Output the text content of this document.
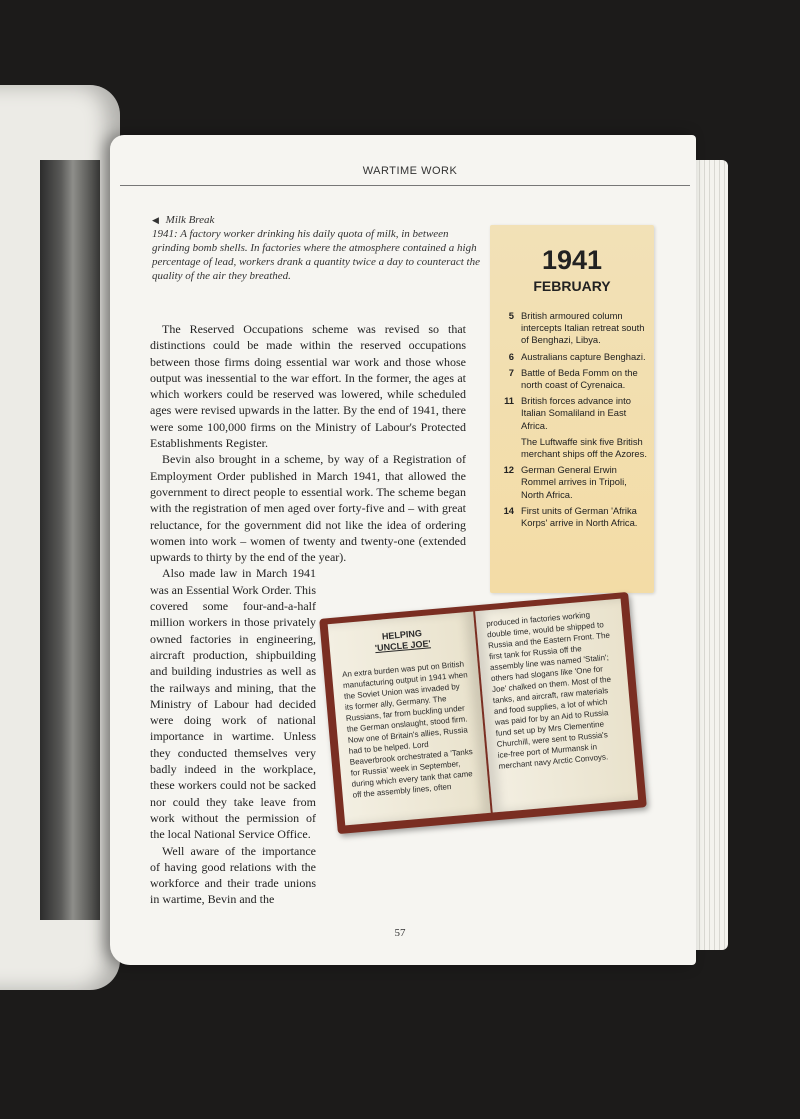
WARTIME WORK
◀ Milk Break
1941: A factory worker drinking his daily quota of milk, in between grinding bomb shells. In factories where the atmosphere contained a high percentage of lead, workers drank a quantity twice a day to counteract the quality of the air they breathed.

The Reserved Occupations scheme was revised so that distinctions could be made within the reserved occupations between those firms doing essential war work and those whose output was inessential to the war effort. In the former, the ages at which workers could be reserved was lowered, while scheduled ages were revised upwards in the latter. By the end of 1941, there were some 100,000 firms on the Ministry of Labour's Protected Establishments Register.

Bevin also brought in a scheme, by way of a Registration of Employment Order published in March 1941, that allowed the government to direct people to essential work. The scheme began with the registration of men aged over forty-five and – with great reluctance, for the government did not like the idea of ordering women into work – women of twenty and twenty-one (extended upwards to thirty by the end of the year).

Also made law in March 1941 was an Essential Work Order. This covered some four-and-a-half million workers in those privately owned factories in engineering, aircraft production, shipbuilding and building industries as well as the railways and mining, that the Ministry of Labour had decided were doing work of national importance in wartime. Unless they conducted themselves very badly indeed in the workplace, these workers could not be sacked nor could they take leave from work without the permission of the local National Service Office.

Well aware of the importance of having good relations with the workforce and their trade unions in wartime, Bevin and the

1941
FEBRUARY
5 British armoured column intercepts Italian retreat south of Benghazi, Libya.
6 Australians capture Benghazi.
7 Battle of Beda Fomm on the north coast of Cyrenaica.
11 British forces advance into Italian Somaliland in East Africa.
The Luftwaffe sink five British merchant ships off the Azores.
12 German General Erwin Rommel arrives in Tripoli, North Africa.
14 First units of German 'Afrika Korps' arrive in North Africa.
HELPING
'UNCLE JOE'
An extra burden was put on British manufacturing output in 1941 when the Soviet Union was invaded by its former ally, Germany. The Russians, far from buckling under the German onslaught, stood firm. Now one of Britain's allies, Russia had to be helped. Lord Beaverbrook orchestrated a 'Tanks for Russia' week in September, during which every tank that came off the assembly lines, often
produced in factories working double time, would be shipped to Russia and the Eastern Front. The first tank for Russia off the assembly line was named 'Stalin'; others had slogans like 'One for Joe' chalked on them. Most of the tanks, and aircraft, raw materials and food supplies, a lot of which was paid for by an Aid to Russia fund set up by Mrs Clementine Churchill, were sent to Russia's ice-free port of Murmansk in merchant navy Arctic Convoys.
57
